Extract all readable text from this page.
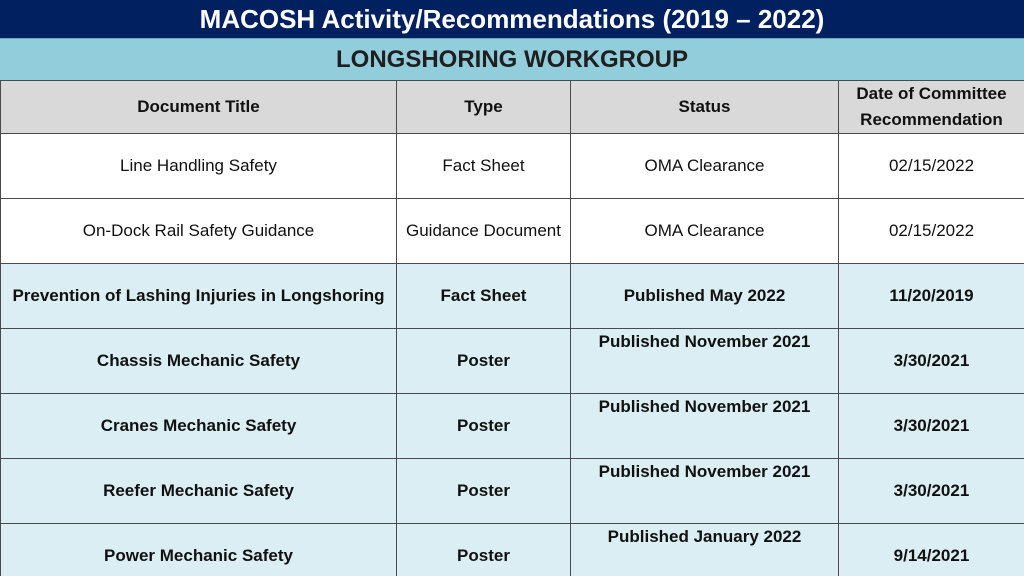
MACOSH Activity/Recommendations (2019 – 2022)
LONGSHORING WORKGROUP
Document Title	Type	Status	Date of Committee Recommendation
Line Handling Safety	Fact Sheet	OMA Clearance	02/15/2022
On-Dock Rail Safety Guidance	Guidance Document	OMA Clearance	02/15/2022
Prevention of Lashing Injuries in Longshoring	Fact Sheet	Published May 2022	11/20/2019
Chassis Mechanic Safety	Poster	Published November 2021	3/30/2021
Cranes Mechanic Safety	Poster	Published November 2021	3/30/2021
Reefer Mechanic Safety	Poster	Published November 2021	3/30/2021
Power Mechanic Safety	Poster	Published January 2022	9/14/2021
